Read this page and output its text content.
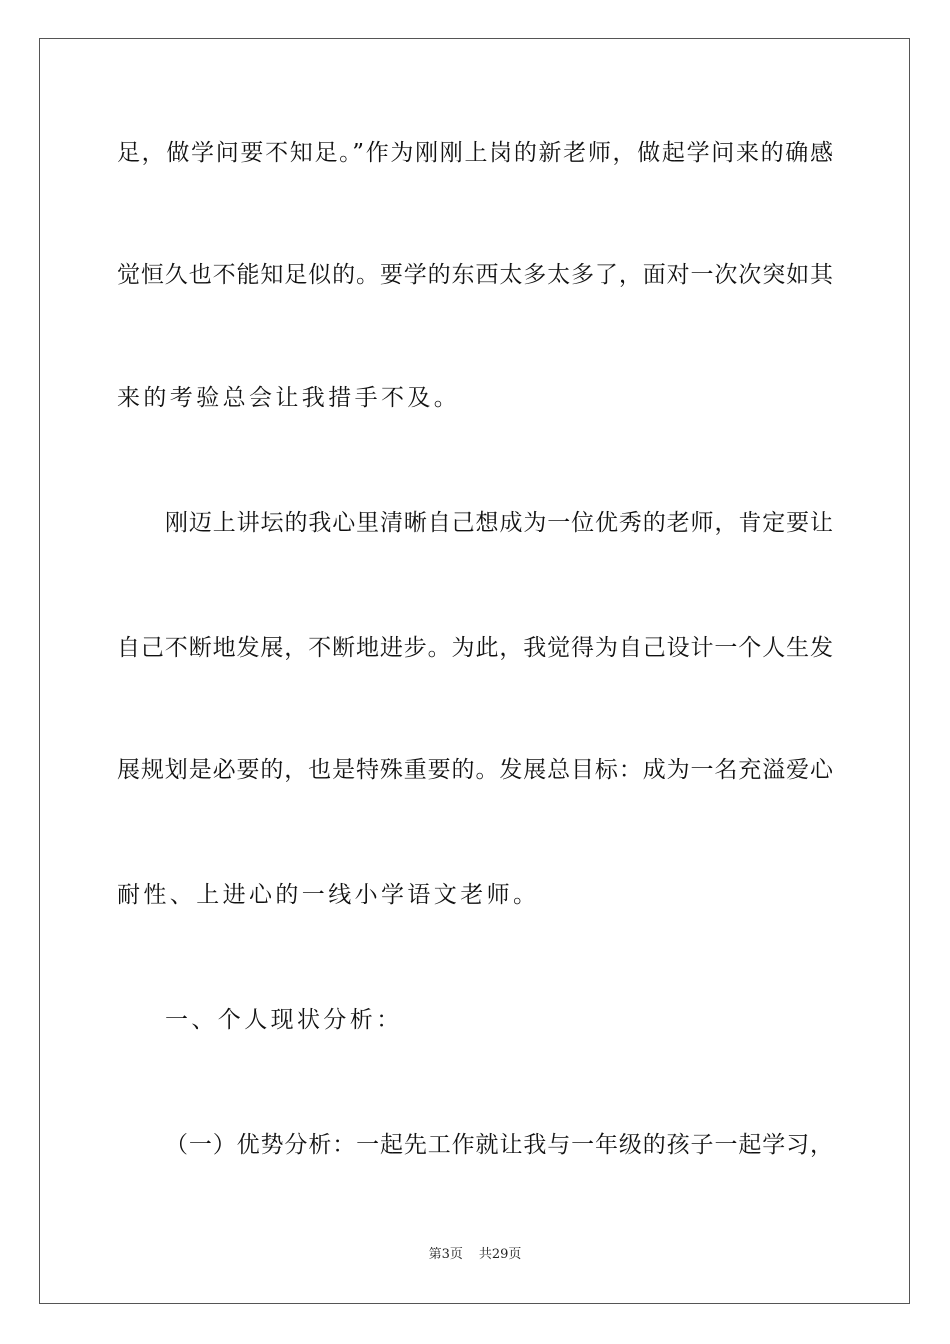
足，做学问要不知足。”作为刚刚上岗的新老师，做起学问来的确感
觉恒久也不能知足似的。要学的东西太多太多了，面对一次次突如其
来的考验总会让我措手不及。
刚迈上讲坛的我心里清晰自己想成为一位优秀的老师，肯定要让
自己不断地发展，不断地进步。为此，我觉得为自己设计一个人生发
展规划是必要的，也是特殊重要的。发展总目标：成为一名充溢爱心
耐性、上进心的一线小学语文老师。
一、个人现状分析：
（一）优势分析：一起先工作就让我与一年级的孩子一起学习，
第3页 共29页
